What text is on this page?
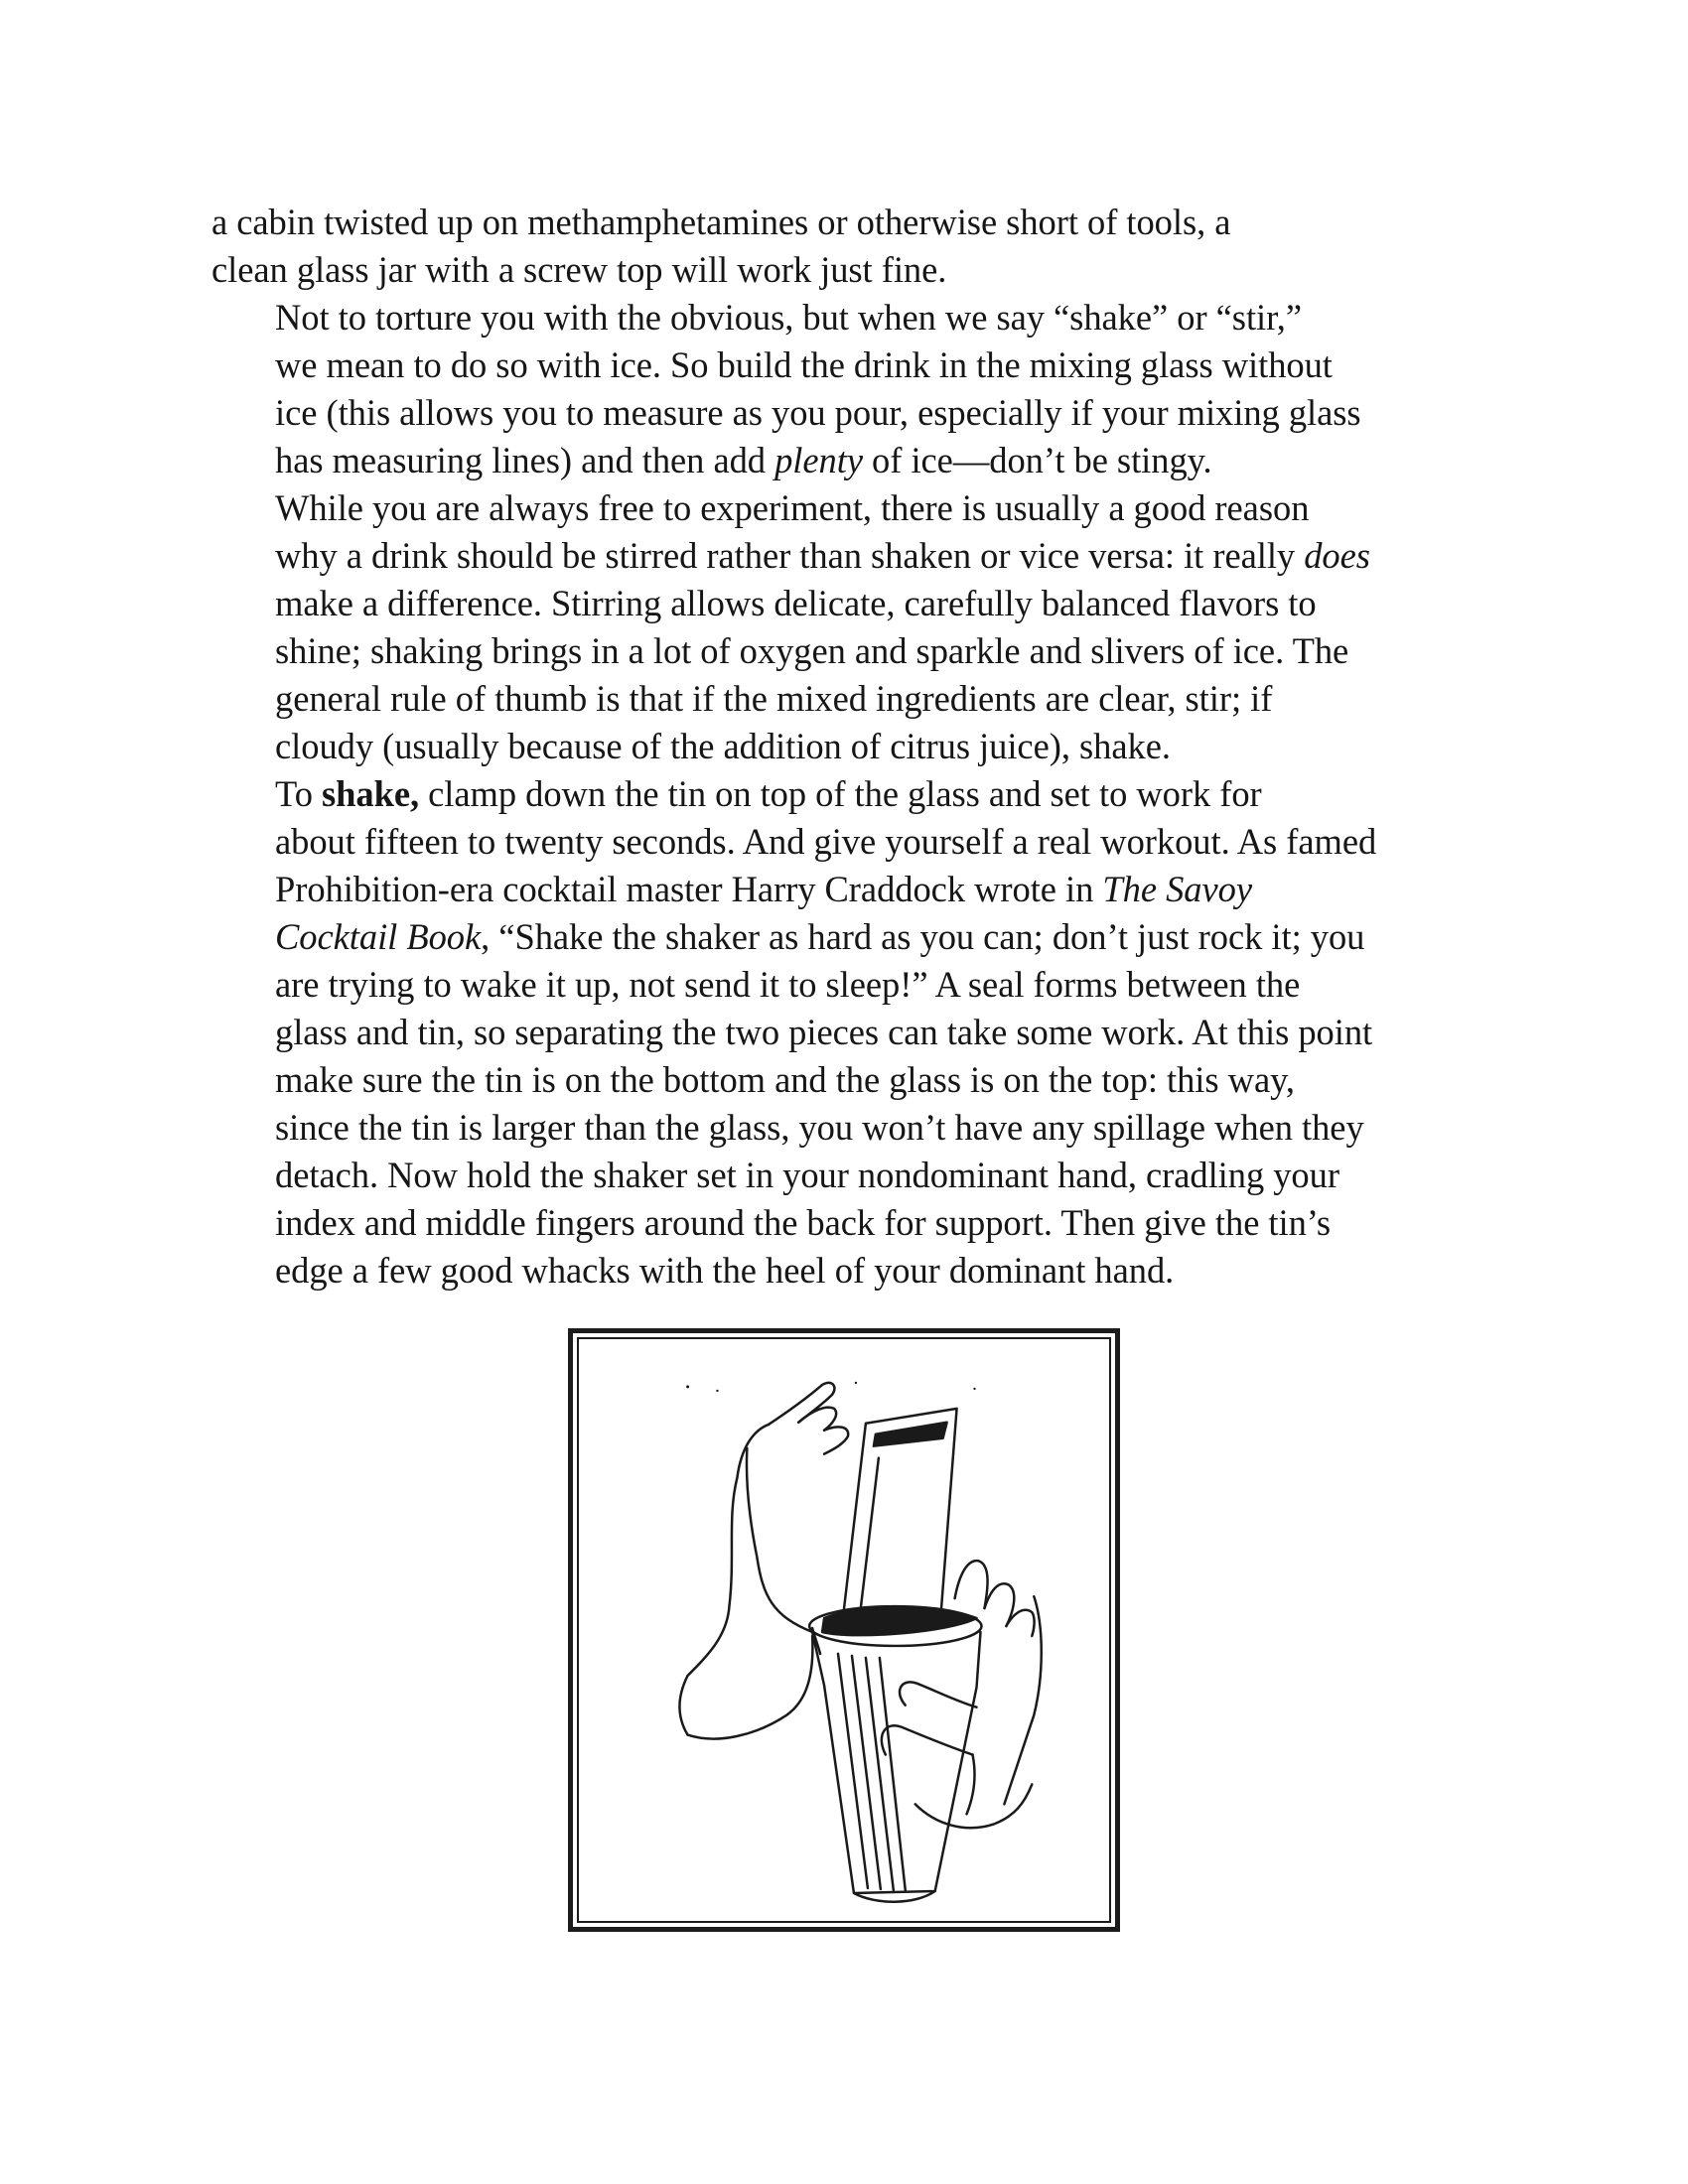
a cabin twisted up on methamphetamines or otherwise short of tools, a
clean glass jar with a screw top will work just fine.

Not to torture you with the obvious, but when we say “shake” or “stir,”
we mean to do so with ice. So build the drink in the mixing glass without
ice (this allows you to measure as you pour, especially if your mixing glass
has measuring lines) and then add plenty of ice—don’t be stingy.

While you are always free to experiment, there is usually a good reason
why a drink should be stirred rather than shaken or vice versa: it really does
make a difference. Stirring allows delicate, carefully balanced flavors to
shine; shaking brings in a lot of oxygen and sparkle and slivers of ice. The
general rule of thumb is that if the mixed ingredients are clear, stir; if
cloudy (usually because of the addition of citrus juice), shake.

To shake, clamp down the tin on top of the glass and set to work for
about fifteen to twenty seconds. And give yourself a real workout. As famed
Prohibition-era cocktail master Harry Craddock wrote in The Savoy
Cocktail Book, “Shake the shaker as hard as you can; don’t just rock it; you
are trying to wake it up, not send it to sleep!” A seal forms between the
glass and tin, so separating the two pieces can take some work. At this point
make sure the tin is on the bottom and the glass is on the top: this way,
since the tin is larger than the glass, you won’t have any spillage when they
detach. Now hold the shaker set in your nondominant hand, cradling your
index and middle fingers around the back for support. Then give the tin’s
edge a few good whacks with the heel of your dominant hand.
